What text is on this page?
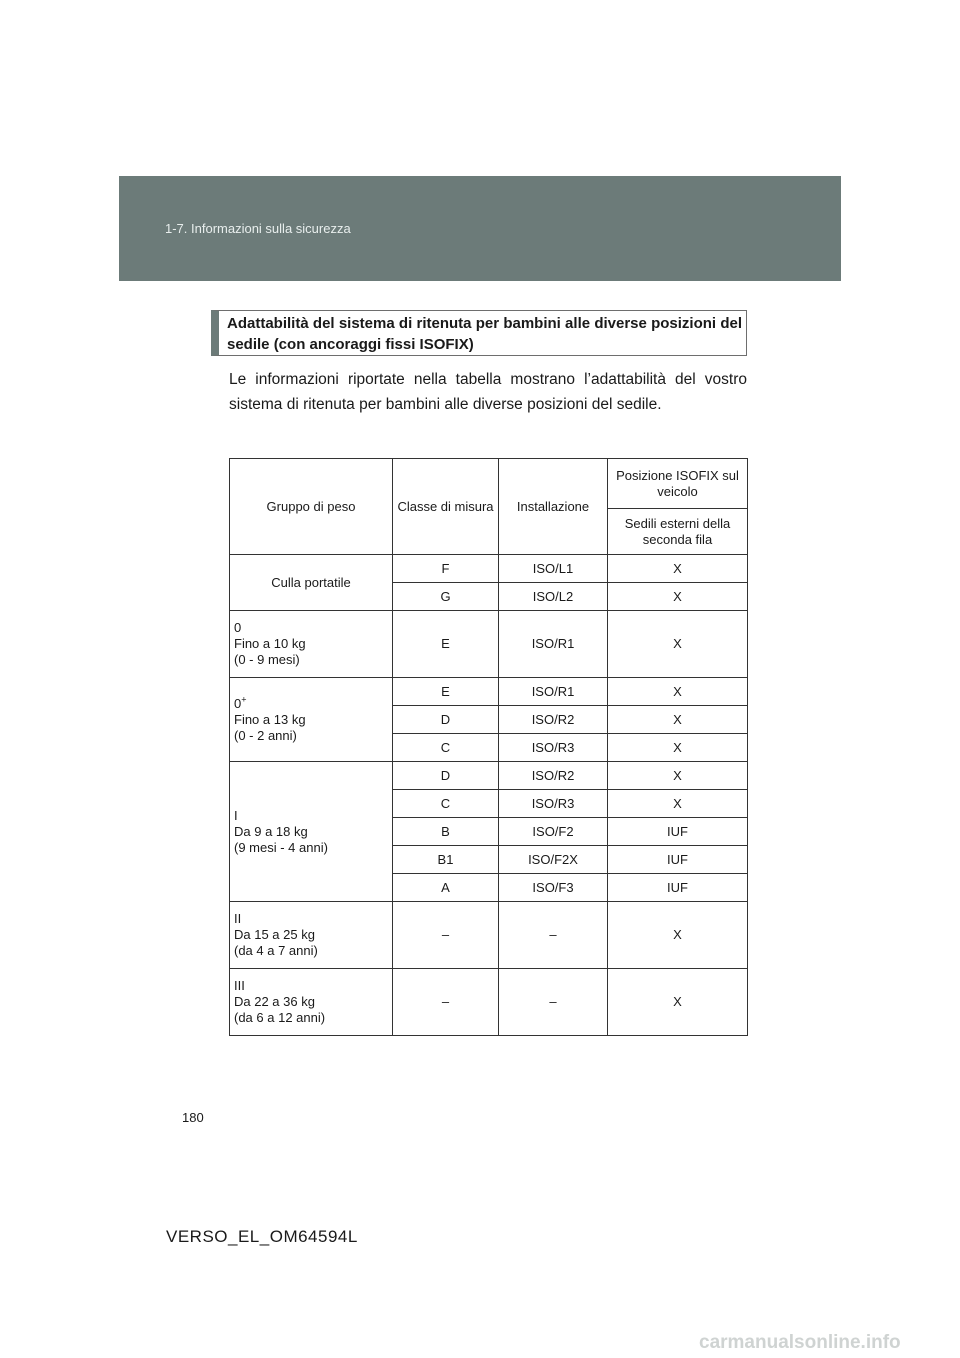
1-7. Informazioni sulla sicurezza
Adattabilità del sistema di ritenuta per bambini alle diverse posizioni del sedile (con ancoraggi fissi ISOFIX)
Le informazioni riportate nella tabella mostrano l’adattabilità del vostro sistema di ritenuta per bambini alle diverse posizioni del sedile.
Gruppo di peso	Classe di misura	Installazione	Posizione ISOFIX sul veicolo
			Sedili esterni della seconda fila
Culla portatile	F	ISO/L1	X
	G	ISO/L2	X
0
Fino a 10 kg
(0 - 9 mesi)	E	ISO/R1	X
0+
Fino a 13 kg
(0 - 2 anni)	E	ISO/R1	X
	D	ISO/R2	X
	C	ISO/R3	X
I
Da 9 a 18 kg
(9 mesi - 4 anni)	D	ISO/R2	X
	C	ISO/R3	X
	B	ISO/F2	IUF
	B1	ISO/F2X	IUF
	A	ISO/F3	IUF
II
Da 15 a 25 kg
(da 4 a 7 anni)	–	–	X
III
Da 22 a 36 kg
(da 6 a 12 anni)	–	–	X
180
VERSO_EL_OM64594L
carmanualsonline.info
